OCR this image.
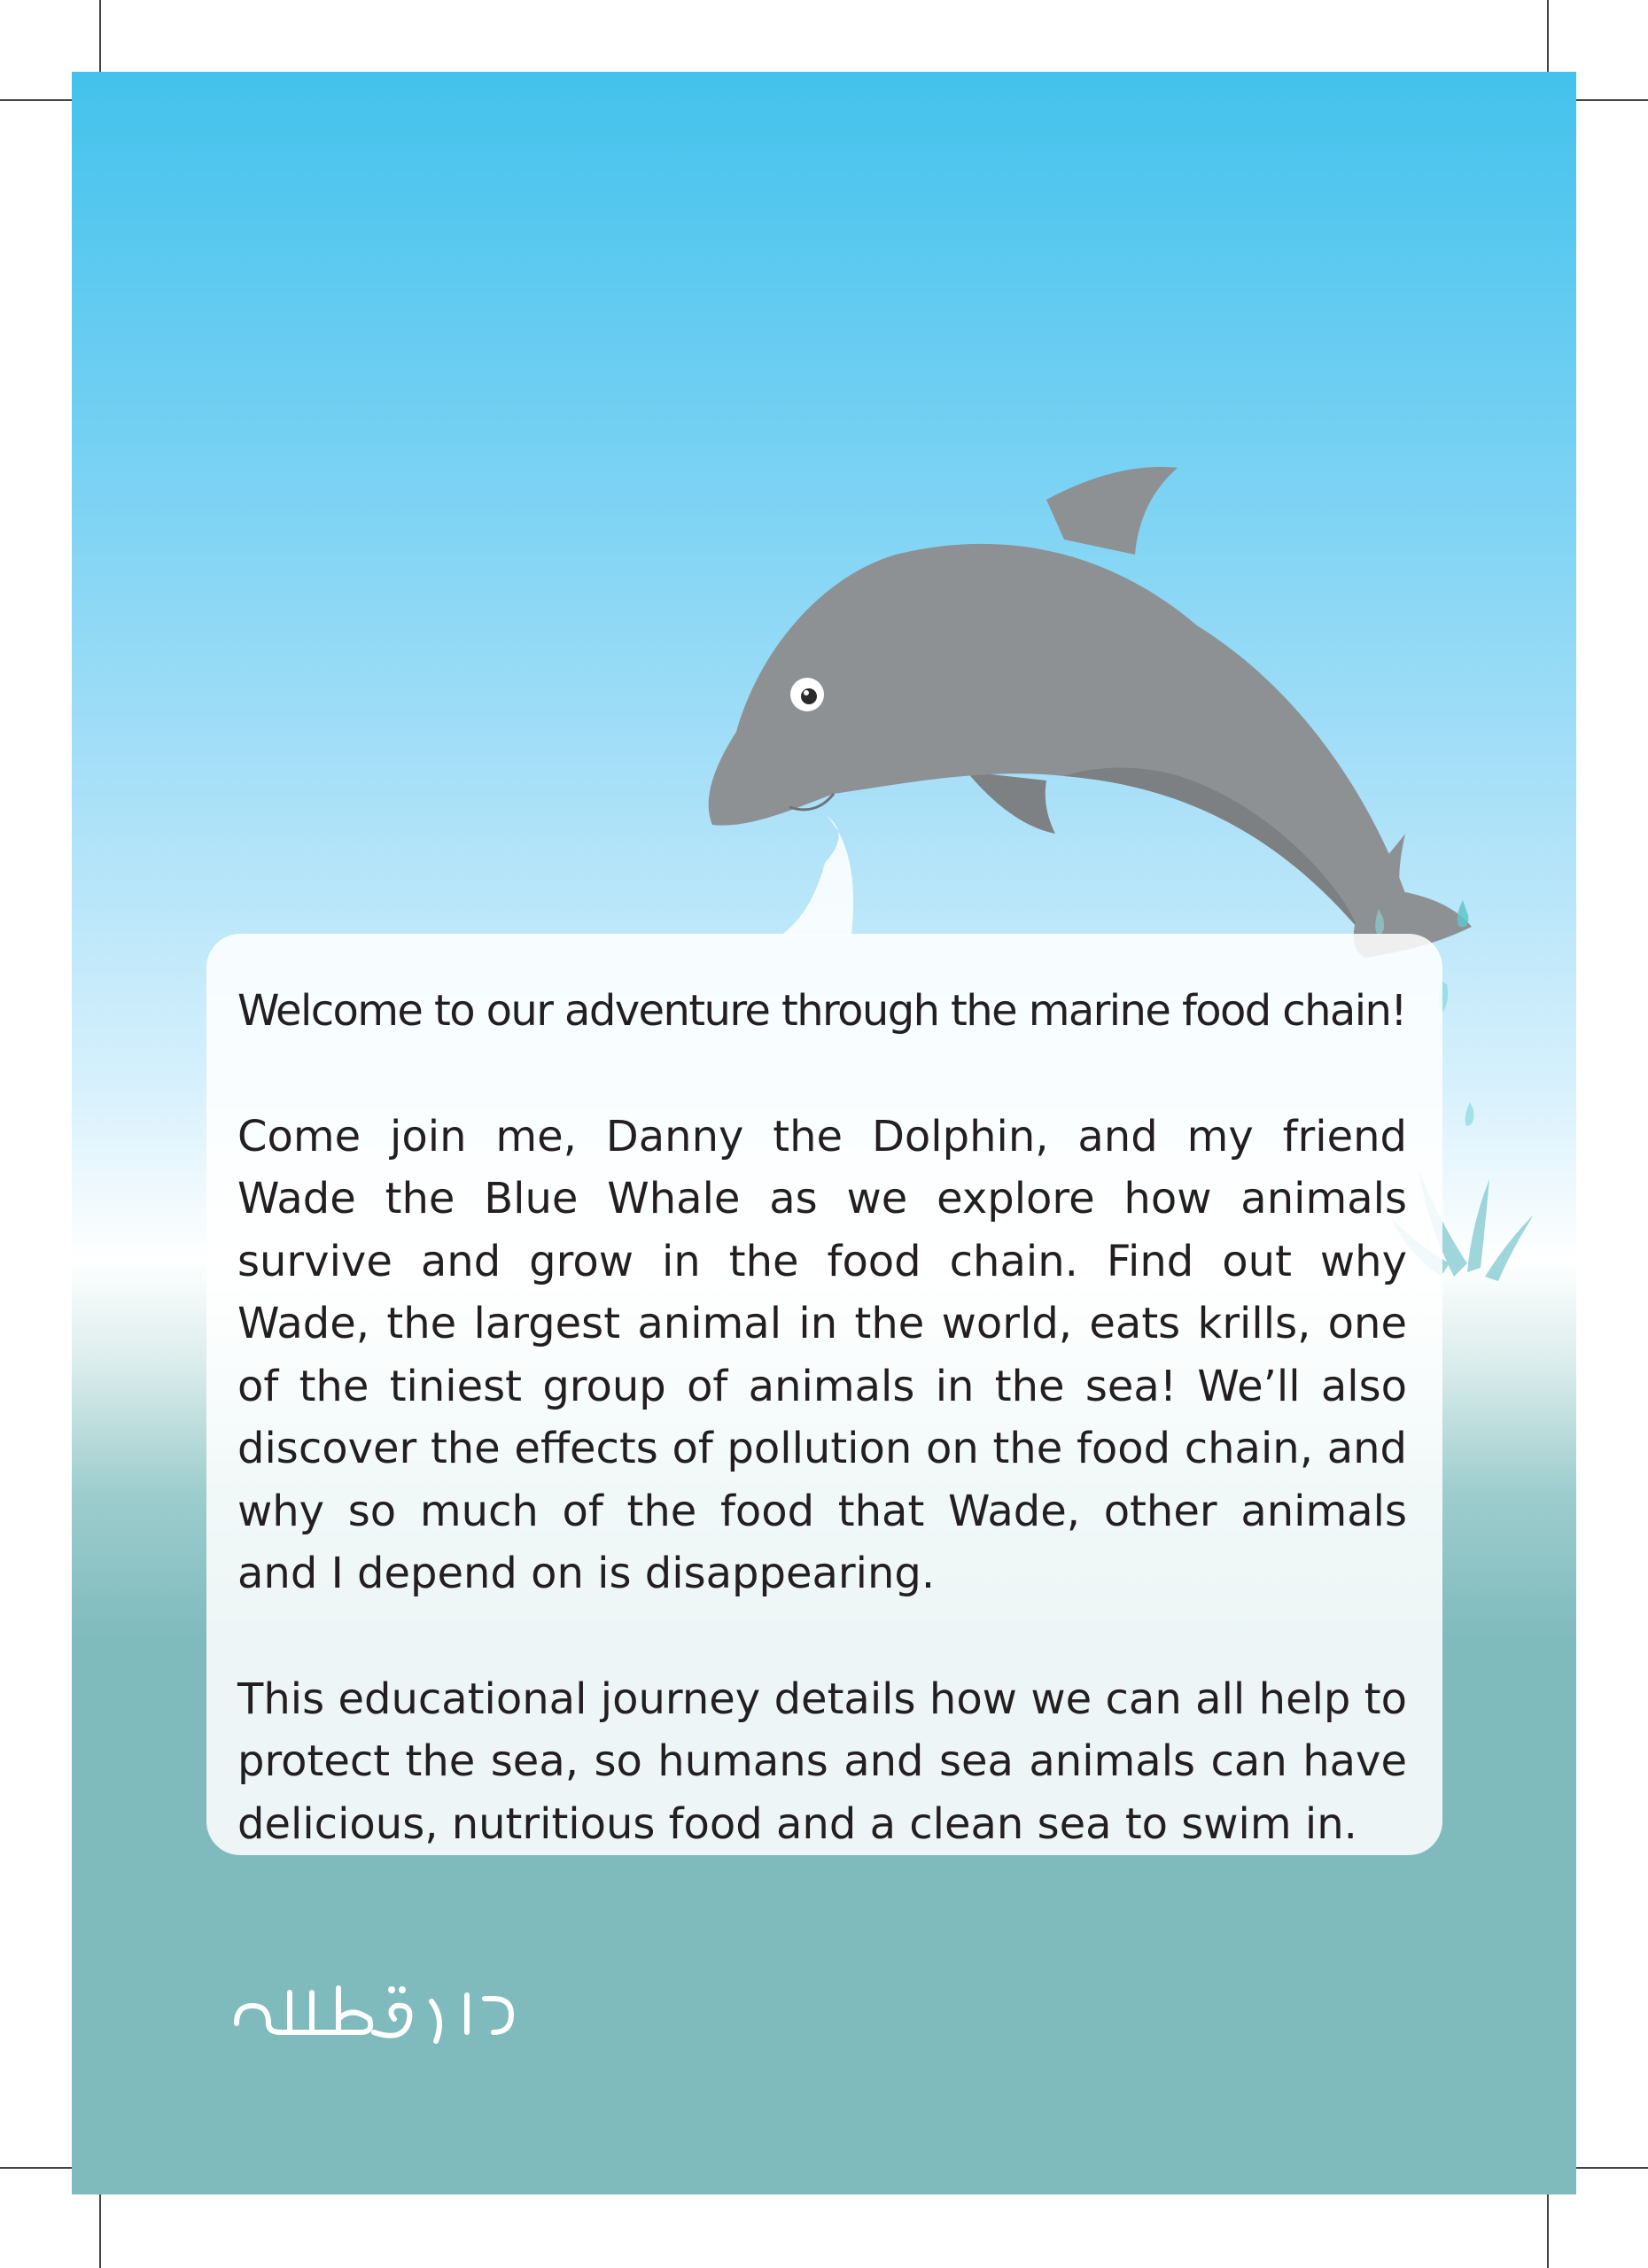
Welcome to our adventure through the marine food chain!

Come join me, Danny the Dolphin, and my friend Wade the Blue Whale as we explore how animals survive and grow in the food chain. Find out why Wade, the largest animal in the world, eats krills, one of the tiniest group of animals in the sea! We’ll also discover the effects of pollution on the food chain, and why so much of the food that Wade, other animals and I depend on is disappearing.

This educational journey details how we can all help to protect the sea, so humans and sea animals can have delicious, nutritious food and a clean sea to swim in.
